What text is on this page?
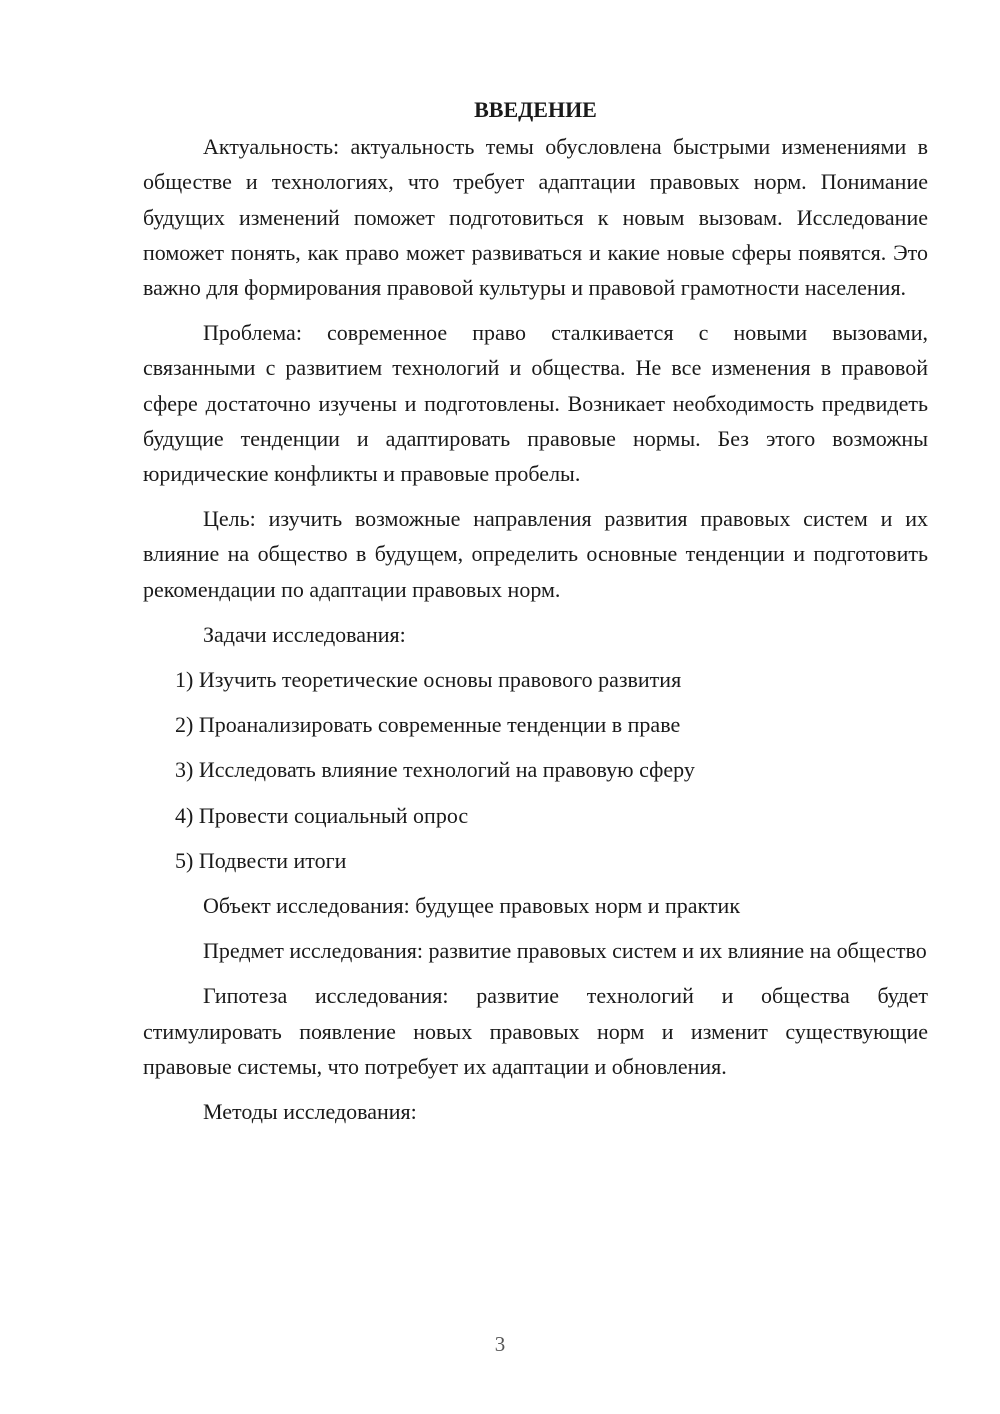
ВВЕДЕНИЕ

Актуальность: актуальность темы обусловлена быстрыми изменениями в обществе и технологиях, что требует адаптации правовых норм. Понимание будущих изменений поможет подготовиться к новым вызовам. Исследование поможет понять, как право может развиваться и какие новые сферы появятся. Это важно для формирования правовой культуры и правовой грамотности населения.

Проблема: современное право сталкивается с новыми вызовами, связанными с развитием технологий и общества. Не все изменения в правовой сфере достаточно изучены и подготовлены. Возникает необходимость предвидеть будущие тенденции и адаптировать правовые нормы. Без этого возможны юридические конфликты и правовые пробелы.

Цель: изучить возможные направления развития правовых систем и их влияние на общество в будущем, определить основные тенденции и подготовить рекомендации по адаптации правовых норм.

Задачи исследования:
1) Изучить теоретические основы правового развития
2) Проанализировать современные тенденции в праве
3) Исследовать влияние технологий на правовую сферу
4) Провести социальный опрос
5) Подвести итоги

Объект исследования: будущее правовых норм и практик

Предмет исследования: развитие правовых систем и их влияние на общество

Гипотеза исследования: развитие технологий и общества будет стимулировать появление новых правовых норм и изменит существующие правовые системы, что потребует их адаптации и обновления.

Методы исследования:

3
